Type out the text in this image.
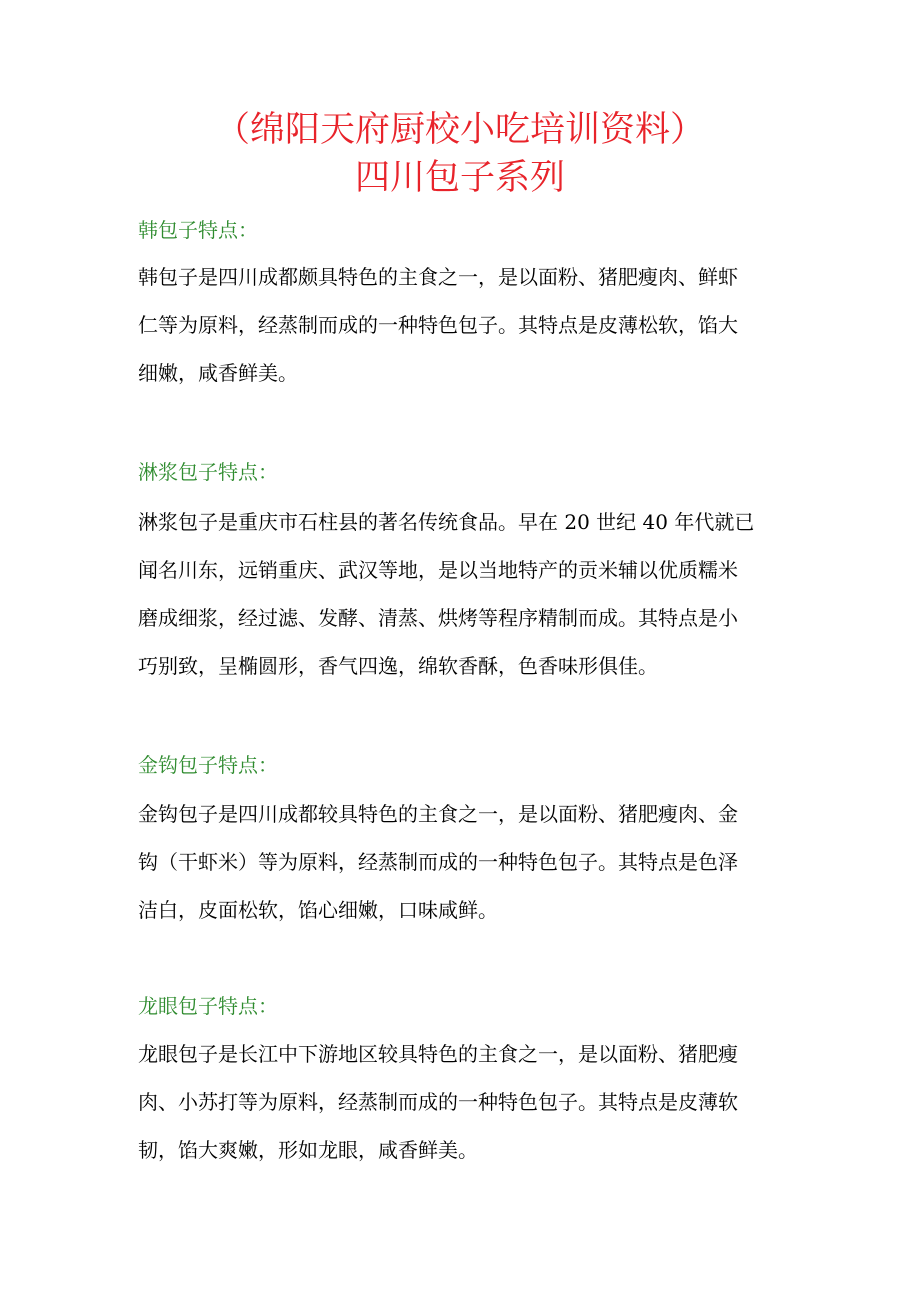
（绵阳天府厨校小吃培训资料）
四川包子系列
韩包子特点：
韩包子是四川成都颇具特色的主食之一，是以面粉、猪肥瘦肉、鲜虾
仁等为原料，经蒸制而成的一种特色包子。其特点是皮薄松软，馅大
细嫩，咸香鲜美。
淋浆包子特点：
淋浆包子是重庆市石柱县的著名传统食品。早在 20 世纪 40 年代就已
闻名川东，远销重庆、武汉等地，是以当地特产的贡米辅以优质糯米
磨成细浆，经过滤、发酵、清蒸、烘烤等程序精制而成。其特点是小
巧别致，呈椭圆形，香气四逸，绵软香酥，色香味形俱佳。
金钩包子特点：
金钩包子是四川成都较具特色的主食之一，是以面粉、猪肥瘦肉、金
钩（干虾米）等为原料，经蒸制而成的一种特色包子。其特点是色泽
洁白，皮面松软，馅心细嫩，口味咸鲜。
龙眼包子特点：
龙眼包子是长江中下游地区较具特色的主食之一，是以面粉、猪肥瘦
肉、小苏打等为原料，经蒸制而成的一种特色包子。其特点是皮薄软
韧，馅大爽嫩，形如龙眼，咸香鲜美。
